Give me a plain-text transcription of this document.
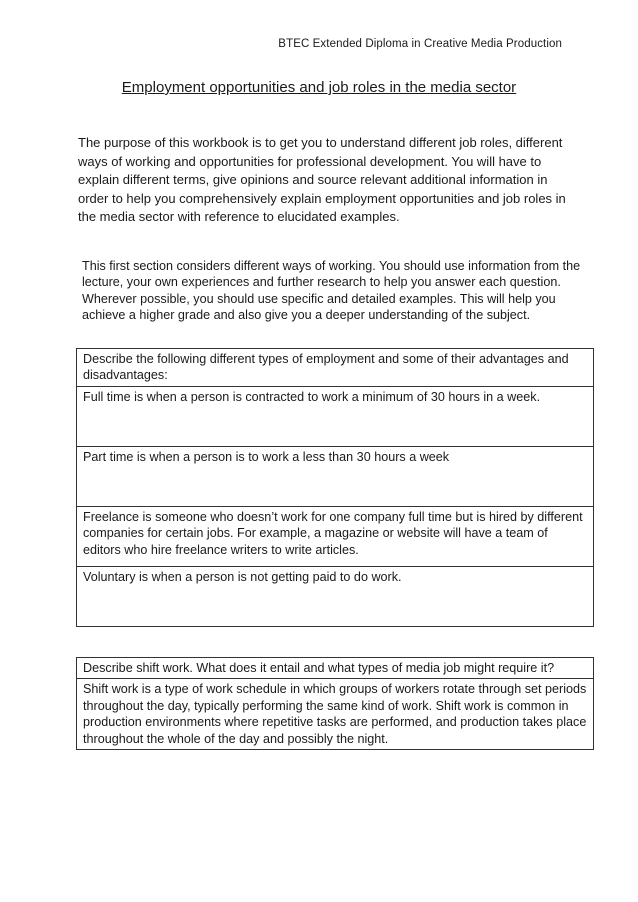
BTEC Extended Diploma in Creative Media Production
Employment opportunities and job roles in the media sector

The purpose of this workbook is to get you to understand different job roles, different ways of working and opportunities for professional development. You will have to explain different terms, give opinions and source relevant additional information in order to help you comprehensively explain employment opportunities and job roles in the media sector with reference to elucidated examples.

This first section considers different ways of working. You should use information from the lecture, your own experiences and further research to help you answer each question. Wherever possible, you should use specific and detailed examples. This will help you achieve a higher grade and also give you a deeper understanding of the subject.
Describe the following different types of employment and some of their advantages and disadvantages:
Full time is when a person is contracted to work a minimum of 30 hours in a week.
Part time is when a person is to work a less than 30 hours a week
Freelance is someone who doesn’t work for one company full time but is hired by different companies for certain jobs. For example, a magazine or website will have a team of editors who hire freelance writers to write articles.
Voluntary is when a person is not getting paid to do work.
Describe shift work. What does it entail and what types of media job might require it?
Shift work is a type of work schedule in which groups of workers rotate through set periods throughout the day, typically performing the same kind of work. Shift work is common in production environments where repetitive tasks are performed, and production takes place throughout the whole of the day and possibly the night.
